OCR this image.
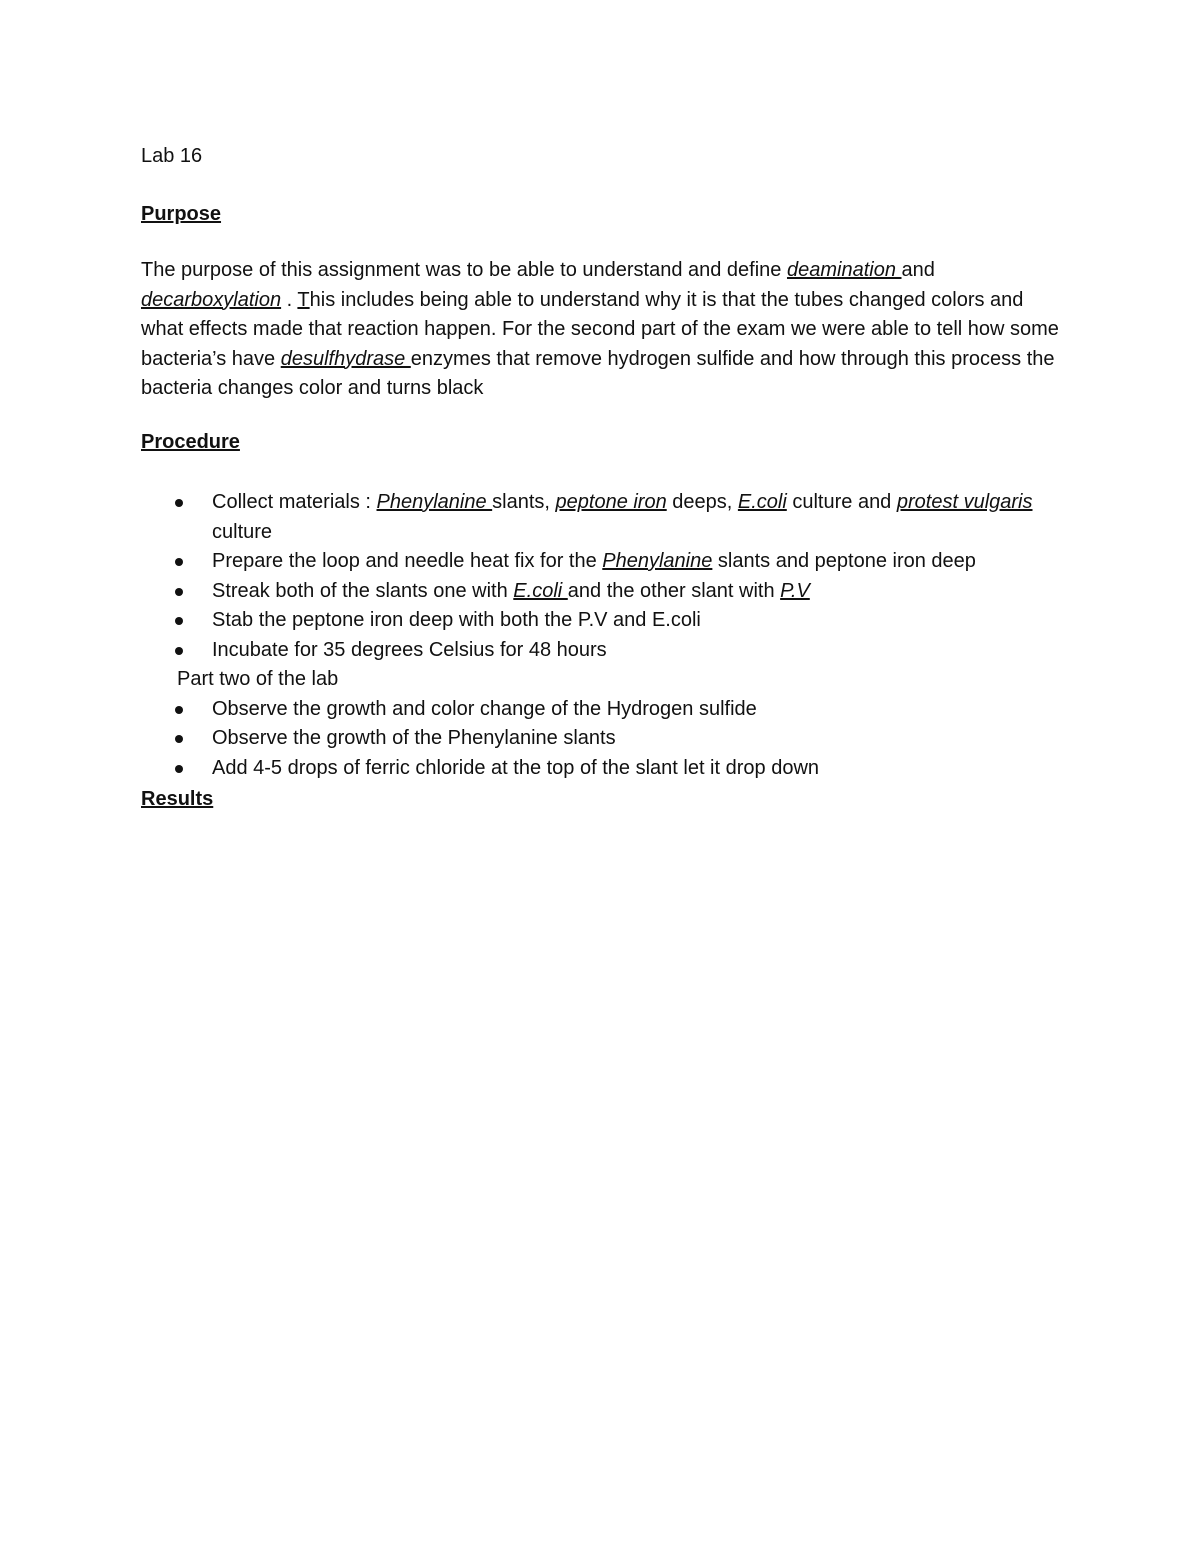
Lab 16

Purpose

The purpose of this assignment was to be able to understand and define deamination and decarboxylation . This includes being able to understand why it is that the tubes changed colors and what effects made that reaction happen. For the second part of the exam we were able to tell how some bacteria’s have desulfhydrase enzymes that remove hydrogen sulfide and how through this process the bacteria changes color and turns black

Procedure

Collect materials : Phenylanine slants, peptone iron deeps, E.coli culture and protest vulgaris culture
Prepare the loop and needle heat fix for the Phenylanine slants and peptone iron deep
Streak both of the slants one with E.coli and the other slant with P.V
Stab the peptone iron deep with both the P.V and E.coli
Incubate for 35 degrees Celsius for 48 hours
Part two of the lab
Observe the growth and color change of the Hydrogen sulfide
Observe the growth of the Phenylanine slants
Add 4-5 drops of ferric chloride at the top of the slant let it drop down

Results
